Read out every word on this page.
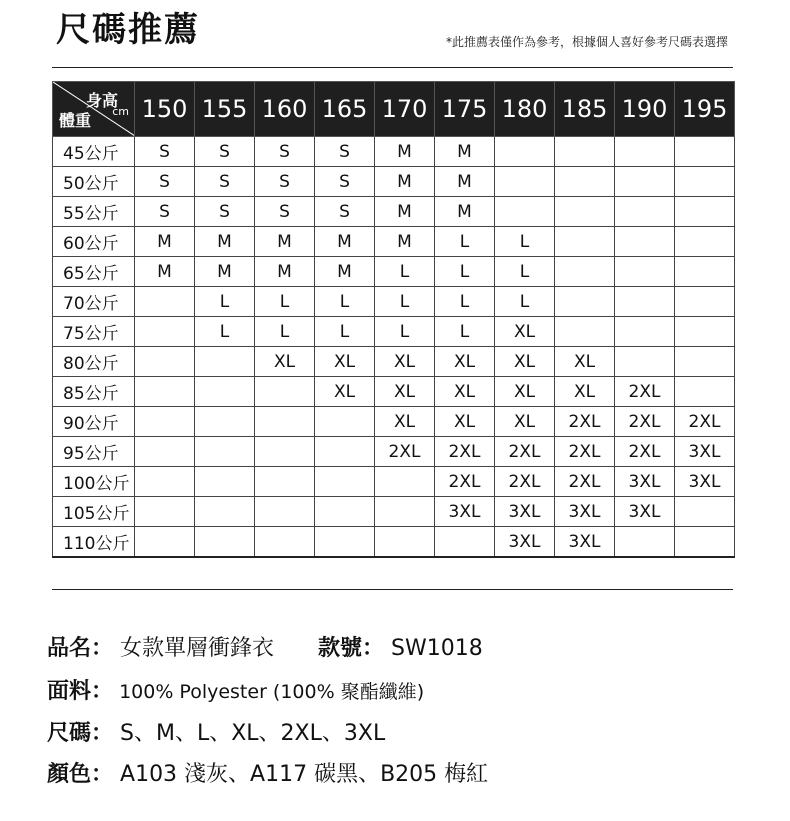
尺碼推薦	*此推薦表僅作為參考，根據個人喜好參考尺碼表選擇
身高
cm
體重	150	155	160	165	170	175	180	185	190	195
45公斤	S	S	S	S	M	M				
50公斤	S	S	S	S	M	M				
55公斤	S	S	S	S	M	M				
60公斤	M	M	M	M	M	L	L			
65公斤	M	M	M	M	L	L	L			
70公斤		L	L	L	L	L	L			
75公斤		L	L	L	L	L	XL			
80公斤			XL	XL	XL	XL	XL	XL		
85公斤				XL	XL	XL	XL	XL	2XL	
90公斤					XL	XL	XL	2XL	2XL	2XL
95公斤					2XL	2XL	2XL	2XL	2XL	3XL
100公斤						2XL	2XL	2XL	3XL	3XL
105公斤						3XL	3XL	3XL	3XL	
110公斤							3XL	3XL		
品名： 女款單層衝鋒衣 款號： SW1018
面料： 100% Polyester (100% 聚酯纖維)
尺碼： S、M、L、XL、2XL、3XL
顏色： A103 淺灰、A117 碳黑、B205 梅紅
